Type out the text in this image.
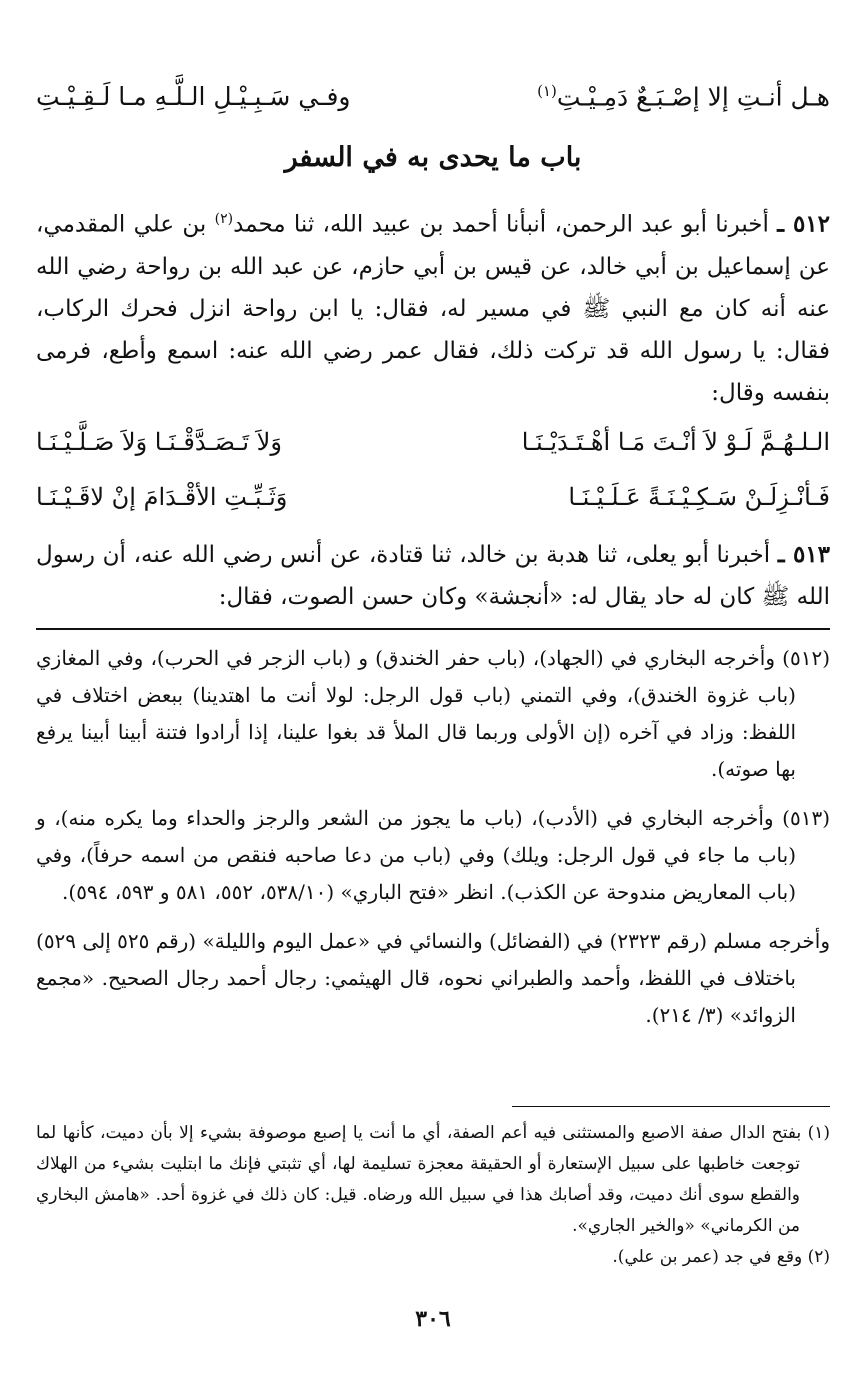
هـل أنـتِ إلا إصْـبَـعٌ دَمِـيْـتِ$^{(١)}$
وفـي سَـبِـيْـلِ الـلَّـهِ مـا لَـقِـيْـتِ
باب ما يحدى به في السفر
٥١٢ ـ أخبرنا أبو عبد الرحمن، أنبأنا أحمد بن عبيد الله، ثنا محمد$^{(٢)}$ بن علي المقدمي، عن إسماعيل بن أبي خالد، عن قيس بن أبي حازم، عن عبد الله بن رواحة رضي الله عنه أنه كان مع النبي ﷺ في مسير له، فقال: يا ابن رواحة انزل فحرك الركاب، فقال: يا رسول الله قد تركت ذلك، فقال عمر رضي الله عنه: اسمع وأطع، فرمى بنفسه وقال:
الـلـهُـمَّ لَـوْ لاَ أنْـتَ مَـا أهْـتَـدَيْـنَـا
وَلاَ تَـصَـدَّقْـنَـا وَلاَ صَـلَّـيْـنَـا
فَـأنْـزِلَـنْ سَـكِـيْـنَـةً عَـلَـيْـنَـا
وَثَـبِّـتِ الأقْـدَامَ إنْ لاقَـيْـنَـا
٥١٣ ـ أخبرنا أبو يعلى، ثنا هدبة بن خالد، ثنا قتادة، عن أنس رضي الله عنه، أن رسول الله ﷺ كان له حاد يقال له: «أنجشة» وكان حسن الصوت، فقال:
(٥١٢) وأخرجه البخاري في (الجهاد)، (باب حفر الخندق) و (باب الزجر في الحرب)، وفي المغازي (باب غزوة الخندق)، وفي التمني (باب قول الرجل: لولا أنت ما اهتدينا) ببعض اختلاف في اللفظ: وزاد في آخره (إن الأولى وربما قال الملأ قد بغوا علينا، إذا أرادوا فتنة أبينا أبينا يرفع بها صوته).
(٥١٣) وأخرجه البخاري في (الأدب)، (باب ما يجوز من الشعر والرجز والحداء وما يكره منه)، و (باب ما جاء في قول الرجل: ويلك) وفي (باب من دعا صاحبه فنقص من اسمه حرفاً)، وفي (باب المعاريض مندوحة عن الكذب). انظر «فتح الباري» (٥٣٨/١٠، ٥٥٢، ٥٨١ و ٥٩٣، ٥٩٤).
وأخرجه مسلم (رقم ٢٣٢٣) في (الفضائل) والنسائي في «عمل اليوم والليلة» (رقم ٥٢٥ إلى ٥٢٩) باختلاف في اللفظ، وأحمد والطبراني نحوه، قال الهيثمي: رجال أحمد رجال الصحيح. «مجمع الزوائد» (٣/ ٢١٤).
(١) بفتح الدال صفة الاصبع والمستثنى فيه أعم الصفة، أي ما أنت يا إصبع موصوفة بشيء إلا بأن دميت، كأنها لما توجعت خاطبها على سبيل الإستعارة أو الحقيقة معجزة تسليمة لها، أي تثبتي فإنك ما ابتليت بشيء من الهلاك والقطع سوى أنك دميت، وقد أصابك هذا في سبيل الله ورضاه. قيل: كان ذلك في غزوة أحد. «هامش البخاري من الكرماني» «والخير الجاري».
(٢) وقع في جد (عمر بن علي).
٣٠٦
